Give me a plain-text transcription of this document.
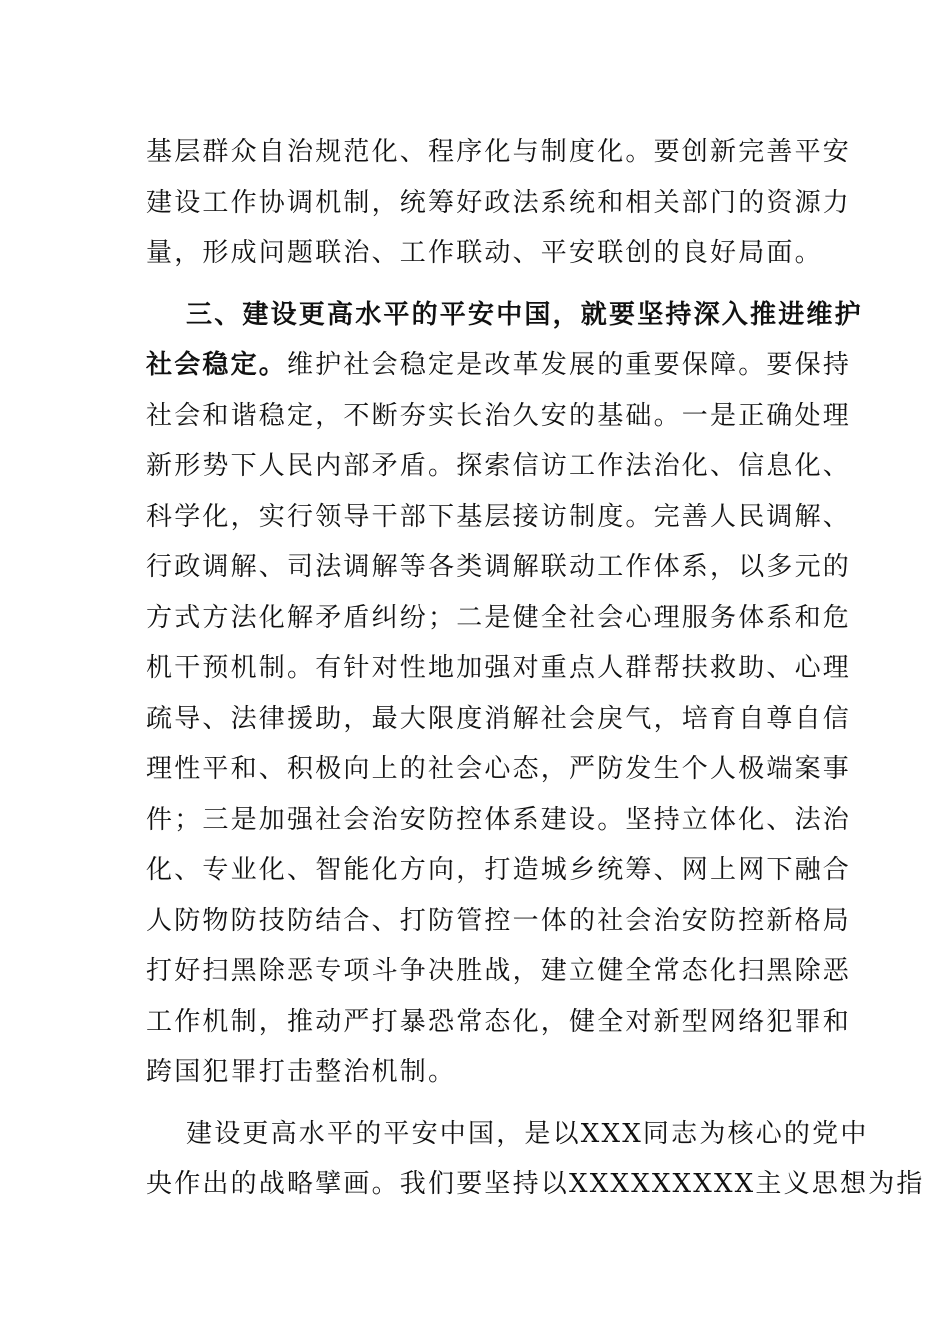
基层群众自治规范化、程序化与制度化。要创新完善平安
建设工作协调机制，统筹好政法系统和相关部门的资源力
量，形成问题联治、工作联动、平安联创的良好局面。
三、建设更高水平的平安中国，就要坚持深入推进维护
社会稳定。维护社会稳定是改革发展的重要保障。要保持
社会和谐稳定，不断夯实长治久安的基础。一是正确处理
新形势下人民内部矛盾。探索信访工作法治化、信息化、
科学化，实行领导干部下基层接访制度。完善人民调解、
行政调解、司法调解等各类调解联动工作体系，以多元的
方式方法化解矛盾纠纷；二是健全社会心理服务体系和危
机干预机制。有针对性地加强对重点人群帮扶救助、心理
疏导、法律援助，最大限度消解社会戾气，培育自尊自信
理性平和、积极向上的社会心态，严防发生个人极端案事
件；三是加强社会治安防控体系建设。坚持立体化、法治
化、专业化、智能化方向，打造城乡统筹、网上网下融合
人防物防技防结合、打防管控一体的社会治安防控新格局
打好扫黑除恶专项斗争决胜战，建立健全常态化扫黑除恶
工作机制，推动严打暴恐常态化，健全对新型网络犯罪和
跨国犯罪打击整治机制。
建设更高水平的平安中国，是以XXX同志为核心的党中
央作出的战略擘画。我们要坚持以XXXXXXXXX主义思想为指
